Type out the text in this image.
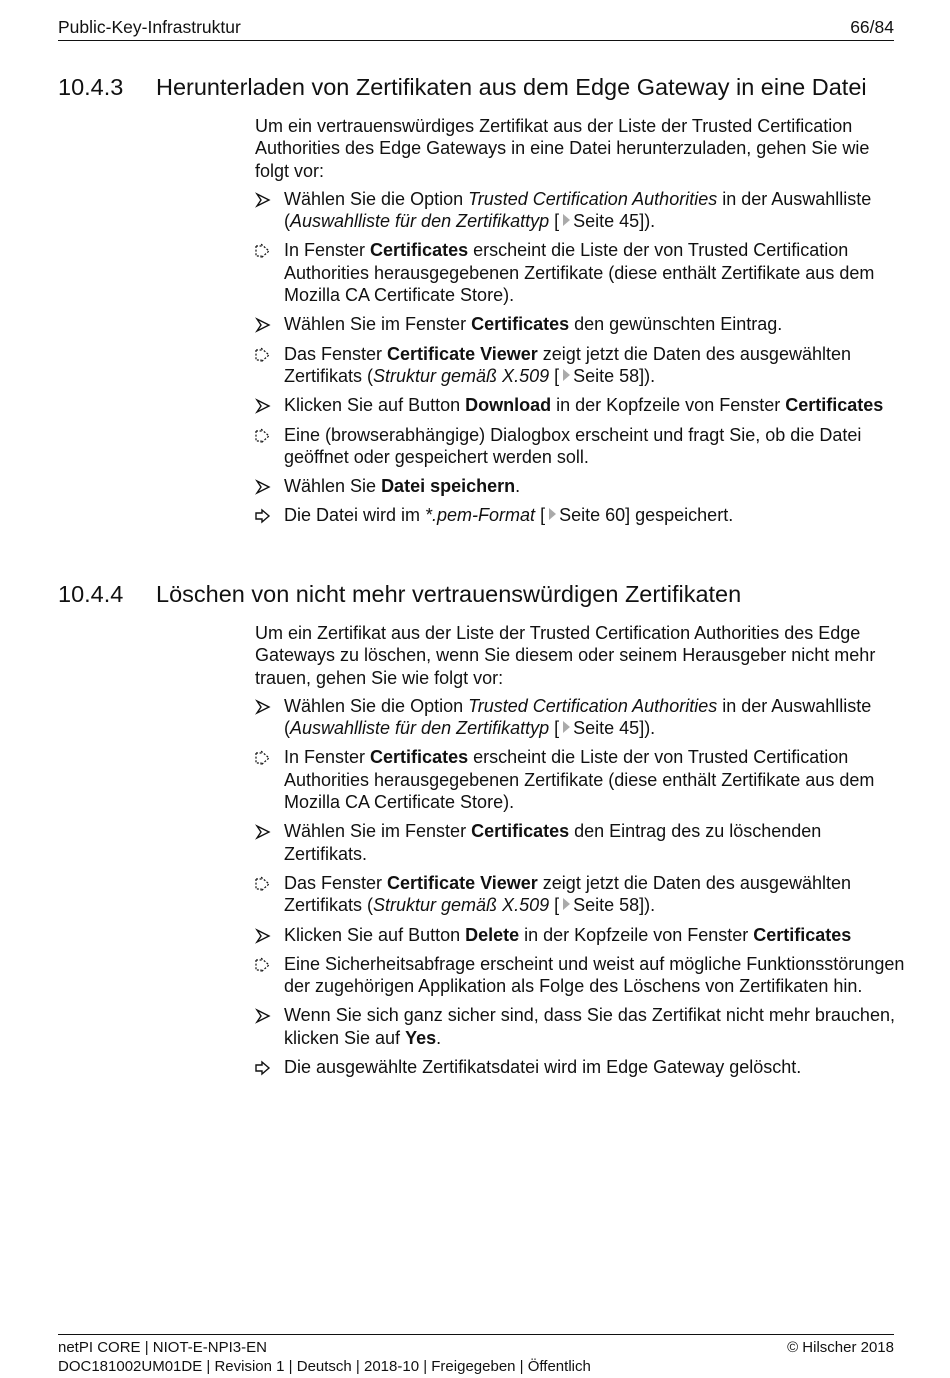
Public-Key-Infrastruktur	66/84
10.4.3 Herunterladen von Zertifikaten aus dem Edge Gateway in eine Datei

Um ein vertrauenswürdiges Zertifikat aus der Liste der Trusted Certification Authorities des Edge Gateways in eine Datei herunterzuladen, gehen Sie wie folgt vor:

Wählen Sie die Option Trusted Certification Authorities in der Auswahlliste (Auswahlliste für den Zertifikattyp [ Seite 45]).
In Fenster Certificates erscheint die Liste der von Trusted Certification Authorities herausgegebenen Zertifikate (diese enthält Zertifikate aus dem Mozilla CA Certificate Store).
Wählen Sie im Fenster Certificates den gewünschten Eintrag.
Das Fenster Certificate Viewer zeigt jetzt die Daten des ausgewählten Zertifikats (Struktur gemäß X.509 [ Seite 58]).
Klicken Sie auf Button Download in der Kopfzeile von Fenster Certificates
Eine (browserabhängige) Dialogbox erscheint und fragt Sie, ob die Datei geöffnet oder gespeichert werden soll.
Wählen Sie Datei speichern.
Die Datei wird im *.pem-Format [ Seite 60] gespeichert.
10.4.4 Löschen von nicht mehr vertrauenswürdigen Zertifikaten

Um ein Zertifikat aus der Liste der Trusted Certification Authorities des Edge Gateways zu löschen, wenn Sie diesem oder seinem Herausgeber nicht mehr trauen, gehen Sie wie folgt vor:

Wählen Sie die Option Trusted Certification Authorities in der Auswahlliste (Auswahlliste für den Zertifikattyp [ Seite 45]).
In Fenster Certificates erscheint die Liste der von Trusted Certification Authorities herausgegebenen Zertifikate (diese enthält Zertifikate aus dem Mozilla CA Certificate Store).
Wählen Sie im Fenster Certificates den Eintrag des zu löschenden Zertifikats.
Das Fenster Certificate Viewer zeigt jetzt die Daten des ausgewählten Zertifikats (Struktur gemäß X.509 [ Seite 58]).
Klicken Sie auf Button Delete in der Kopfzeile von Fenster Certificates
Eine Sicherheitsabfrage erscheint und weist auf mögliche Funktionsstörungen der zugehörigen Applikation als Folge des Löschens von Zertifikaten hin.
Wenn Sie sich ganz sicher sind, dass Sie das Zertifikat nicht mehr brauchen, klicken Sie auf Yes.
Die ausgewählte Zertifikatsdatei wird im Edge Gateway gelöscht.
netPI CORE | NIOT-E-NPI3-EN	© Hilscher 2018
DOC181002UM01DE | Revision 1 | Deutsch | 2018-10 | Freigegeben | Öffentlich
